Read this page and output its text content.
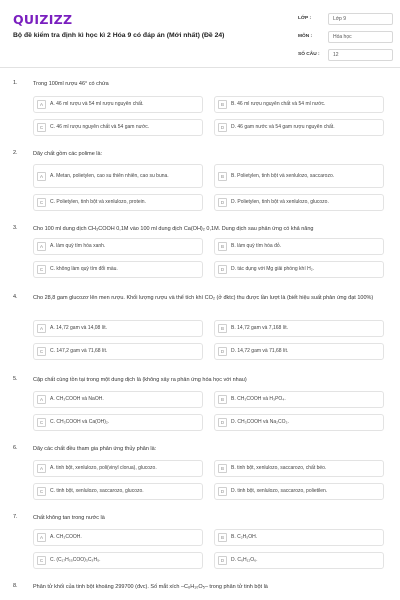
QUIZIZZ
Bộ đề kiểm tra định kì học kì 2 Hóa 9 có đáp án (Mới nhất) (Đề 24)
LỚP :	Lớp 9
MÔN :	Hóa học
SỐ CÂU :	12
1.	Trong 100ml rượu 46° có chứa
A	A. 46 ml rượu và 54 ml rượu nguyên chất.	B	B. 46 ml rượu nguyên chất và 54 ml nước.
C	C. 46 ml rượu nguyên chất và 54 gam nước.	D	D. 46 gam nước và 54 gam rượu nguyên chất.
2.	Dãy chất gồm các polime là:
A	A. Metan, polietylen, cao su thiên nhiên, cao su buna.	B	B. Polietylen, tinh bột và xenlulozo, saccarozo.
C	C. Polietylen, tinh bột và xenlulozo, protein.	D	D. Polietylen, tinh bột và xenlulozo, glucozo.
3.	Cho 100 ml dung dịch CH₃COOH 0,1M vào 100 ml dung dịch Ca(OH)₂ 0,1M. Dung dịch sau phản ứng có khả năng
A	A. làm quỳ tím hóa xanh.	B	B. làm quỳ tím hóa đỏ.
C	C. không làm quỳ tím đổi màu.	D	D. tác dụng với Mg giải phóng khí H₂.
4.	Cho 28,8 gam glucozơ lên men rượu. Khối lượng rượu và thể tích khí CO₂ (ở đktc) thu được lần lượt là (biết hiệu suất phản ứng đạt 100%)
A	A. 14,72 gam và 14,08 lít.	B	B. 14,72 gam và 7,168 lít.
C	C. 147,2 gam và 71,68 lít.	D	D. 14,72 gam và 71,68 lít.
5.	Cặp chất cùng tồn tại trong một dung dịch là (không xảy ra phản ứng hóa học với nhau)
A	A. CH₃COOH và NaOH.	B	B. CH₃COOH và H₃PO₄.
C	C. CH₃COOH và Ca(OH)₂.	D	D. CH₃COOH và Na₂CO₃.
6.	Dãy các chất đều tham gia phản ứng thủy phân là:
A	A. tinh bột, xenlulozo, poli(vinyl clorua), glucozo.	B	B. tinh bột, xenlulozo, saccarozo, chất béo.
C	C. tinh bột, xenlulozo, saccarozo, glucozo.	D	D. tinh bột, xenlulozo, saccarozo, polietilen.
7.	Chất không tan trong nước là
A	A. CH₃COOH.	B	B. C₂H₅OH.
C	C. (C₁₇H₃₅COO)₃C₃H₅.	D	D. C₆H₁₂O₆.
8.	Phân tử khối của tinh bột khoảng 299700 (đvc). Số mắt xích –C₆H₁₀O₅– trong phân tử tinh bột là
